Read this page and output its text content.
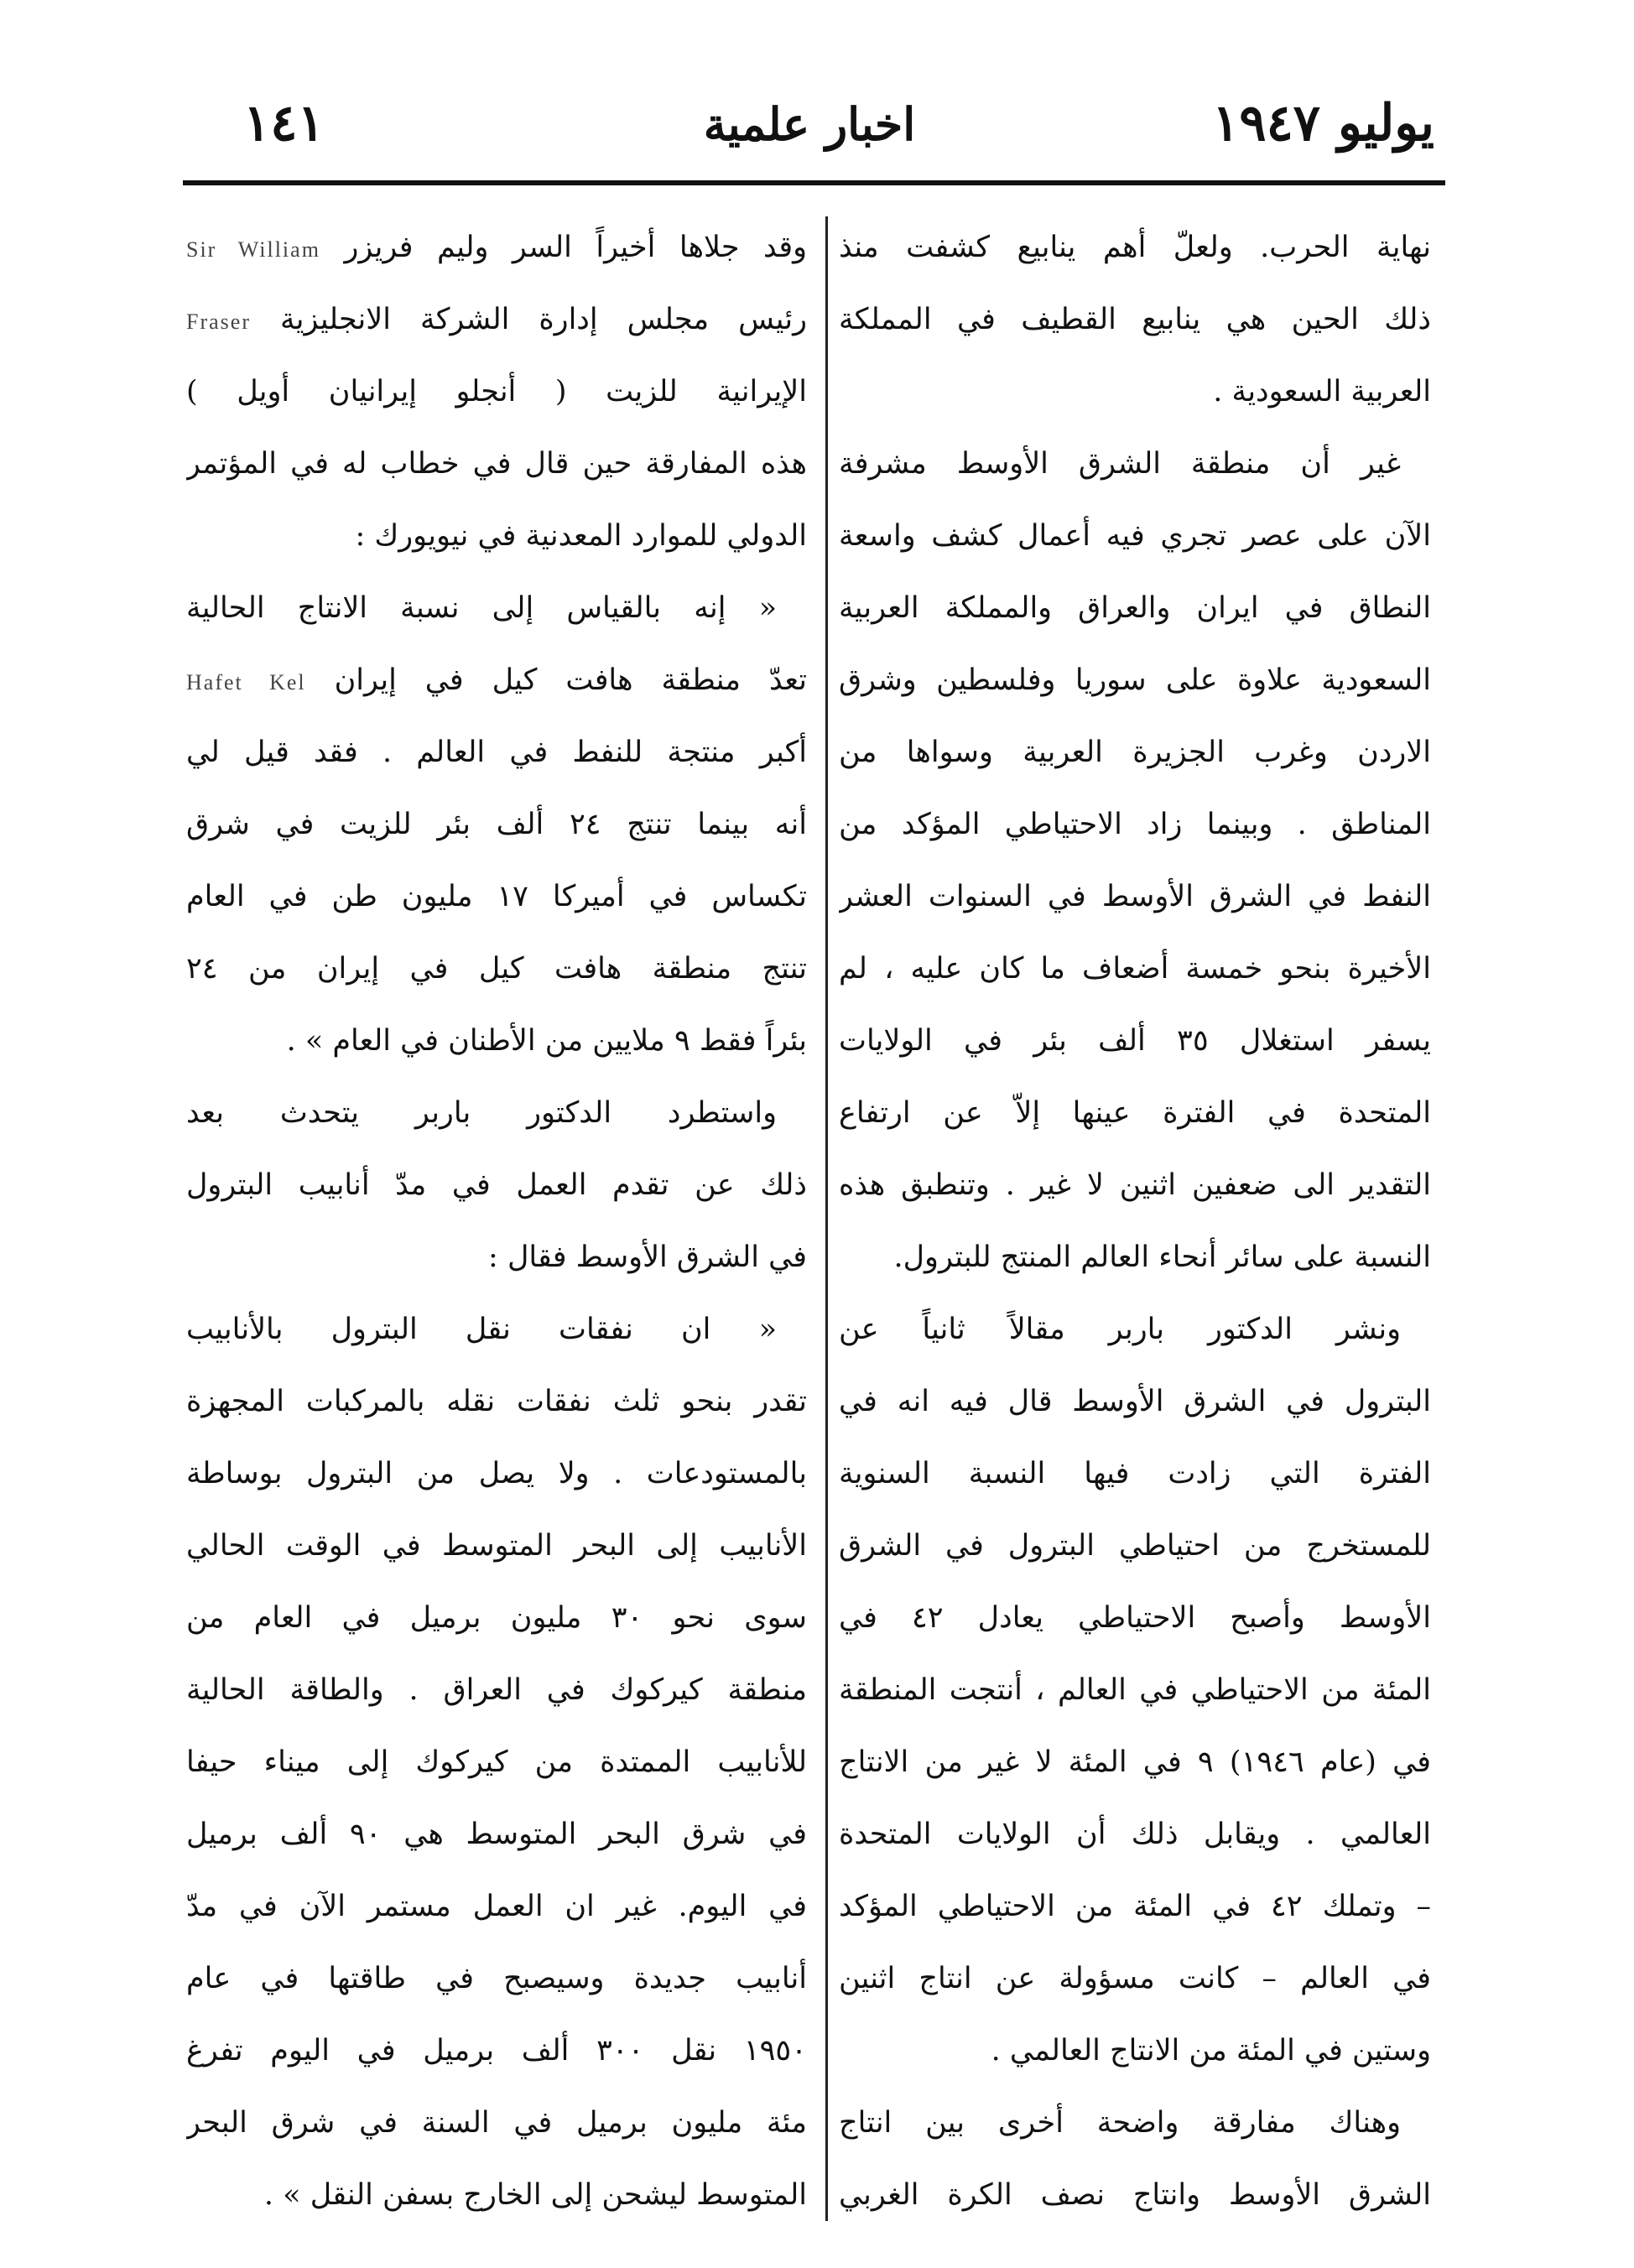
يوليو ١٩٤٧
اخبار علمية
١٤١
نهاية الحرب. ولعلّ أهم ينابيع كشفت منذ
ذلك الحين هي ينابيع القطيف في المملكة
العربية السعودية .
غير أن منطقة الشرق الأوسط مشرفة
الآن على عصر تجري فيه أعمال كشف واسعة
النطاق في ايران والعراق والمملكة العربية
السعودية علاوة على سوريا وفلسطين وشرق
الاردن وغرب الجزيرة العربية وسواها من
المناطق . وبينما زاد الاحتياطي المؤكد من
النفط في الشرق الأوسط في السنوات العشر
الأخيرة بنحو خمسة أضعاف ما كان عليه ، لم
يسفر استغلال ٣٥ ألف بئر في الولايات
المتحدة في الفترة عينها إلاّ عن ارتفاع
التقدير الى ضعفين اثنين لا غير . وتنطبق هذه
النسبة على سائر أنحاء العالم المنتج للبترول.
ونشر الدكتور باربر مقالاً ثانياً عن
البترول في الشرق الأوسط قال فيه انه في
الفترة التي زادت فيها النسبة السنوية
للمستخرج من احتياطي البترول في الشرق
الأوسط وأصبح الاحتياطي يعادل ٤٢ في
المئة من الاحتياطي في العالم ، أنتجت المنطقة
في (عام ١٩٤٦) ٩ في المئة لا غير من الانتاج
العالمي . ويقابل ذلك أن الولايات المتحدة
– وتملك ٤٢ في المئة من الاحتياطي المؤكد
في العالم – كانت مسؤولة عن انتاج اثنين
وستين في المئة من الانتاج العالمي .
وهناك مفارقة واضحة أخرى بين انتاج
الشرق الأوسط وانتاج نصف الكرة الغربي
وقد جلاها أخيراً السر وليم فريزر Sir William
رئيس مجلس إدارة الشركة الانجليزية Fraser
الإيرانية للزيت ( أنجلو إيرانيان أويل )
هذه المفارقة حين قال في خطاب له في المؤتمر
الدولي للموارد المعدنية في نيويورك :
« إنه بالقياس إلى نسبة الانتاج الحالية
تعدّ منطقة هافت كيل في إيران Hafet Kel
أكبر منتجة للنفط في العالم . فقد قيل لي
أنه بينما تنتج ٢٤ ألف بئر للزيت في شرق
تكساس في أميركا ١٧ مليون طن في العام
تنتج منطقة هافت كيل في إيران من ٢٤
بئراً فقط ٩ ملايين من الأطنان في العام » .
واستطرد الدكتور باربر يتحدث بعد
ذلك عن تقدم العمل في مدّ أنابيب البترول
في الشرق الأوسط فقال :
« ان نفقات نقل البترول بالأنابيب
تقدر بنحو ثلث نفقات نقله بالمركبات المجهزة
بالمستودعات . ولا يصل من البترول بوساطة
الأنابيب إلى البحر المتوسط في الوقت الحالي
سوى نحو ٣٠ مليون برميل في العام من
منطقة كيركوك في العراق . والطاقة الحالية
للأنابيب الممتدة من كيركوك إلى ميناء حيفا
في شرق البحر المتوسط هي ٩٠ ألف برميل
في اليوم. غير ان العمل مستمر الآن في مدّ
أنابيب جديدة وسيصبح في طاقتها في عام
١٩٥٠ نقل ٣٠٠ ألف برميل في اليوم تفرغ
مئة مليون برميل في السنة في شرق البحر
المتوسط ليشحن إلى الخارج بسفن النقل » .
